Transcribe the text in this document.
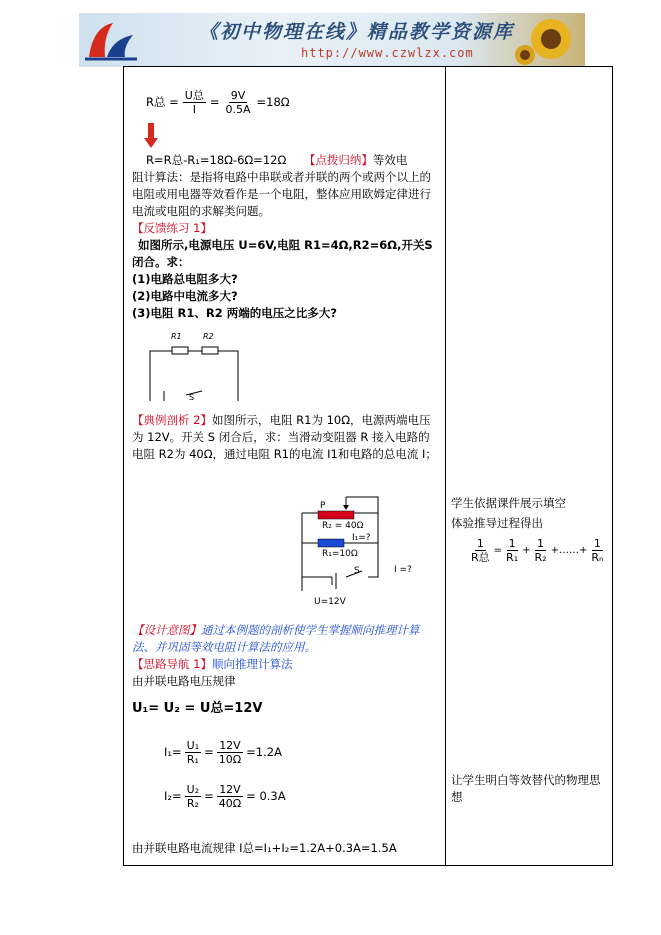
《初中物理在线》精品教学资源库
http://www.czwlzx.com
R总 = $\frac{\text{U总}}{I} = \frac{9V}{0.5A} =18\Omega$
R=R总-R₁=18Ω-6Ω=12Ω 【点拨归纳】等效电
阻计算法：是指将电路中串联或者并联的两个或两个以上的电阻或用电器等效看作是一个电阻，整体应用欧姆定律进行电流或电阻的求解类问题。
【反馈练习 1】
如图所示,电源电压 U=6V,电阻 R1=4Ω,R2=6Ω,开关S 闭合。求：
(1)电路总电阻多大?
(2)电路中电流多大?
(3)电阻 R1、R2 两端的电压之比多大?
R1	R2
S
【典例剖析 2】如图所示，电阻 R1为 10Ω，电源两端电压为 12V。开关 S 闭合后，求：当滑动变阻器 R 接入电路的电阻 R2为 40Ω，通过电阻 R1的电流 I1和电路的总电流 I；
P
R₂ = 40Ω
I₁=?
R₁=10Ω
S	I =?
U=12V
【设计意图】通过本例题的剖析使学生掌握顺向推理计算法、并巩固等效电阻计算法的应用。
【思路导航 1】顺向推理计算法
由并联电路电压规律
U₁= U₂ = U总=12V
$I_1= \frac{\text{U₁}}{\text{R₁}} = \frac{12V}{10\Omega} =1.2A$
$I_2= \frac{\text{U₂}}{\text{R₂}} = \frac{12V}{40\Omega} = 0.3A$
由并联电路电流规律 I总=I₁+I₂=1.2A+0.3A=1.5A
学生依据课件展示填空
体验推导过程得出
$\frac{1}{\text{R总}} = \frac{1}{\text{R₁}} + \frac{1}{\text{R₂}}$ +……+ $\frac{1}{\text{Rₙ}}$
让学生明白等效替代的物理思想
